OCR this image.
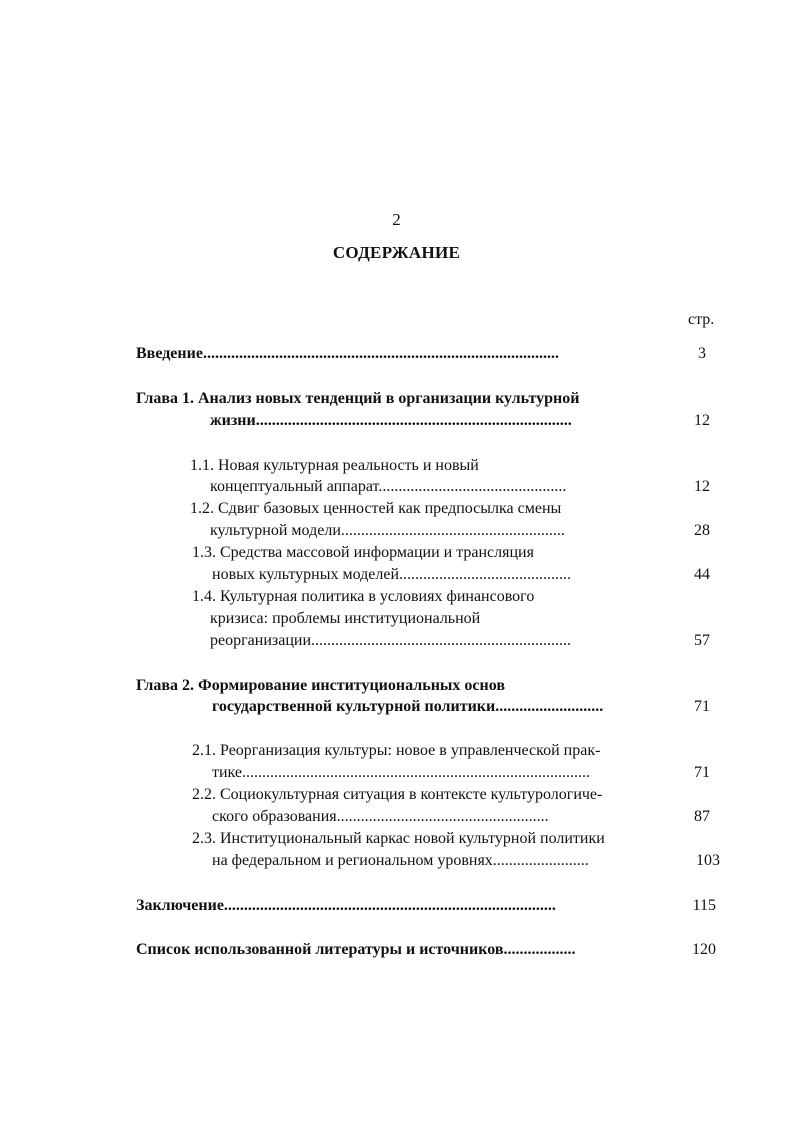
2
СОДЕРЖАНИЕ
стр.
Введение.........................................................................................	3
Глава 1. Анализ новых тенденций в организации культурной
жизни...............................................................................	12
1.1. Новая культурная реальность и новый
концептуальный аппарат...............................................	12
1.2. Сдвиг базовых ценностей как предпосылка смены
культурной модели........................................................	28
1.3. Средства массовой информации и трансляция
новых культурных моделей...........................................	44
1.4. Культурная политика в условиях финансового
кризиса: проблемы институциональной
реорганизации.................................................................	57
Глава 2. Формирование институциональных основ
государственной культурной политики...........................	71
2.1. Реорганизация культуры: новое в управленческой прак-
тике.......................................................................................	71
2.2. Социокультурная ситуация в контексте культурологиче-
ского образования.....................................................	87
2.3. Институциональный каркас новой культурной политики
на федеральном и региональном уровнях........................	103
Заключение...................................................................................	115
Список использованной литературы и источников..................	120
